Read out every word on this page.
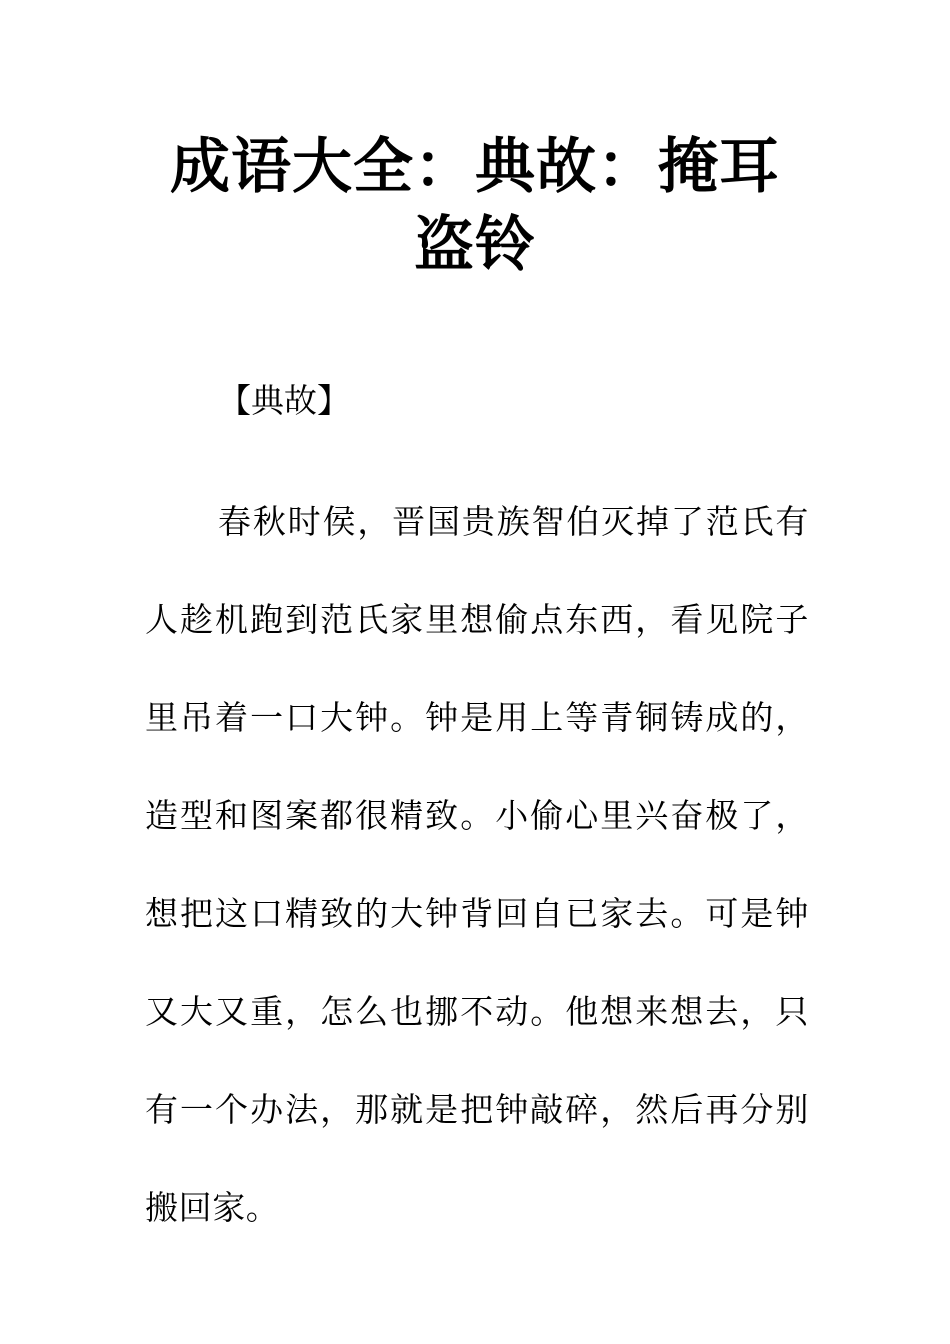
成语大全：典故：掩耳盗铃

【典故】

春秋时侯，晋国贵族智伯灭掉了范氏有人趁机跑到范氏家里想偷点东西，看见院子里吊着一口大钟。钟是用上等青铜铸成的，造型和图案都很精致。小偷心里兴奋极了，想把这口精致的大钟背回自已家去。可是钟又大又重，怎么也挪不动。他想来想去，只有一个办法，那就是把钟敲碎，然后再分别搬回家。
